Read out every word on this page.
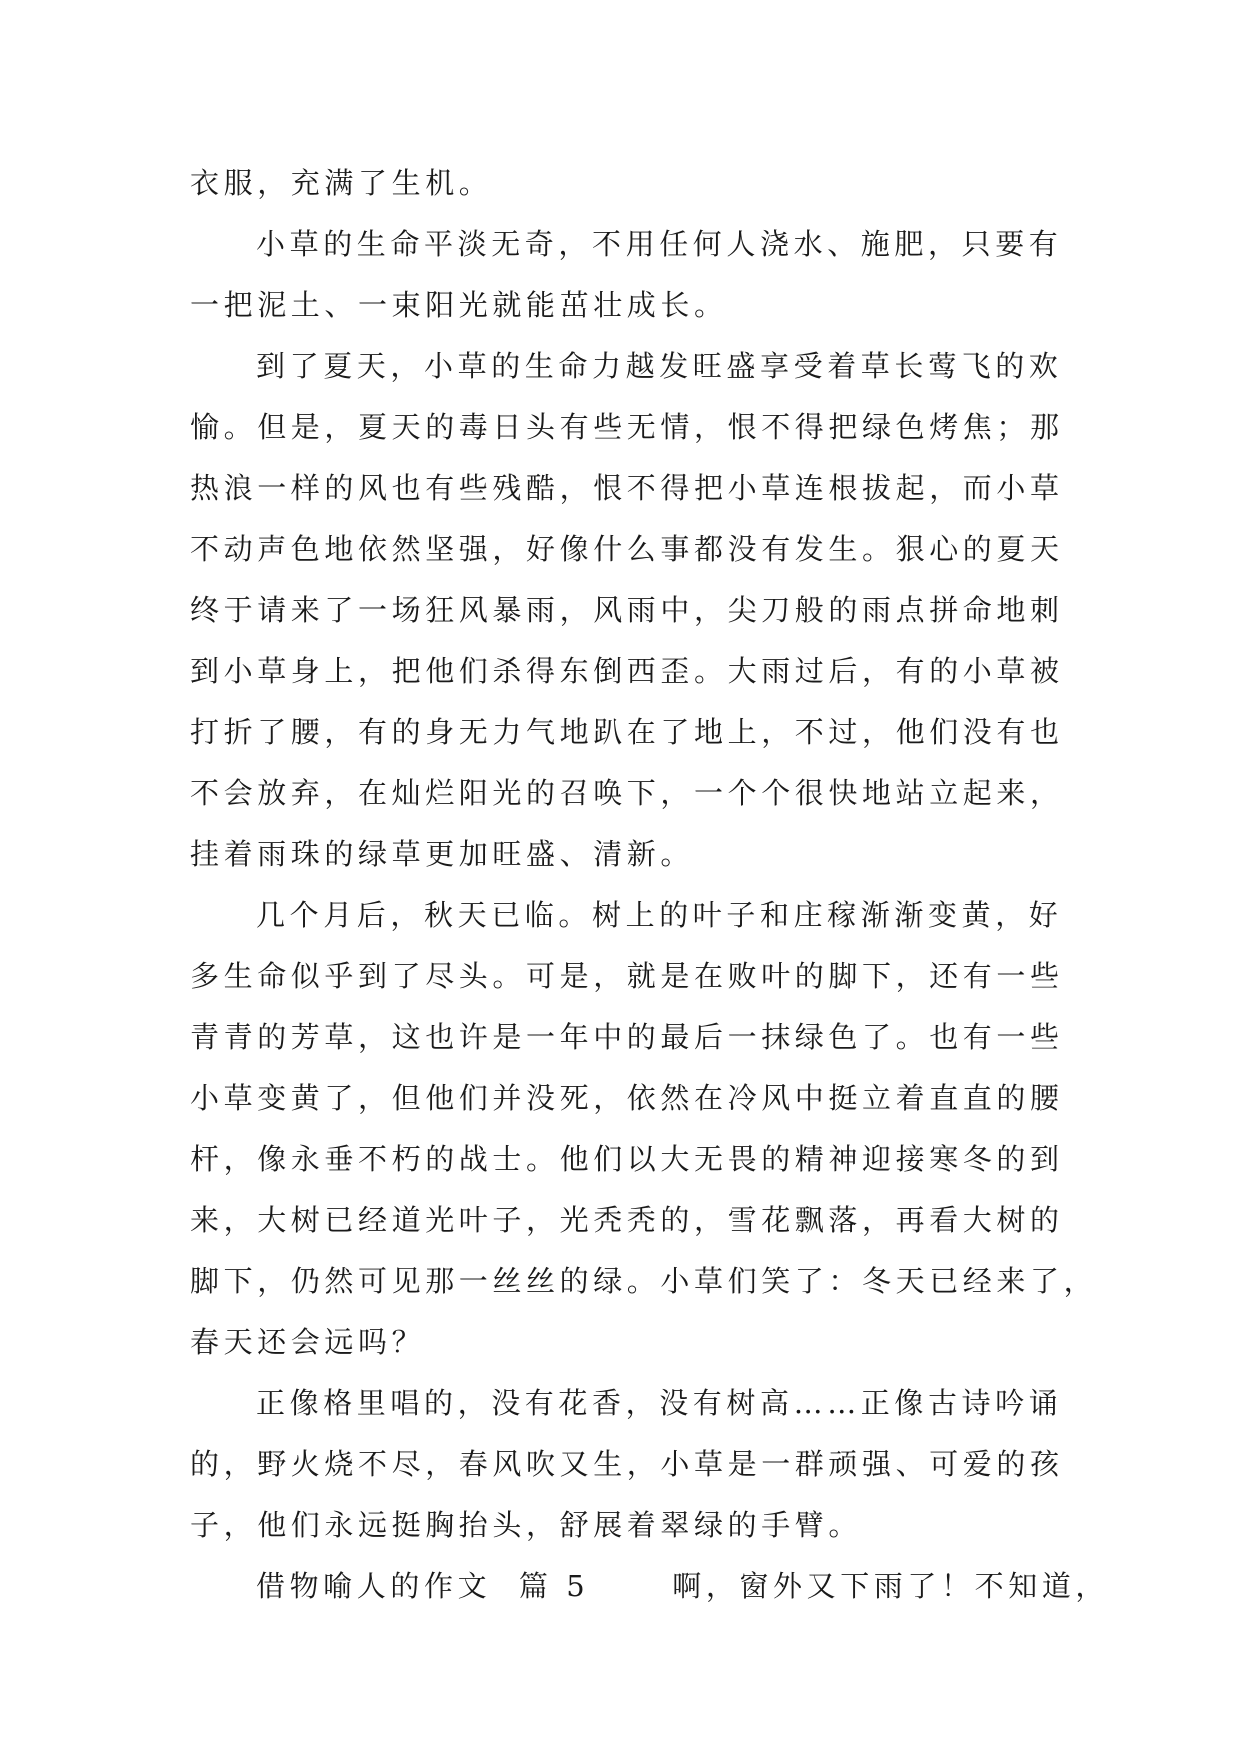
衣服，充满了生机。
小草的生命平淡无奇，不用任何人浇水、施肥，只要有
一把泥土、一束阳光就能茁壮成长。
到了夏天，小草的生命力越发旺盛享受着草长莺飞的欢
愉。但是，夏天的毒日头有些无情，恨不得把绿色烤焦；那
热浪一样的风也有些残酷，恨不得把小草连根拔起，而小草
不动声色地依然坚强，好像什么事都没有发生。狠心的夏天
终于请来了一场狂风暴雨，风雨中，尖刀般的雨点拼命地刺
到小草身上，把他们杀得东倒西歪。大雨过后，有的小草被
打折了腰，有的身无力气地趴在了地上，不过，他们没有也
不会放弃，在灿烂阳光的召唤下，一个个很快地站立起来，
挂着雨珠的绿草更加旺盛、清新。
几个月后，秋天已临。树上的叶子和庄稼渐渐变黄，好
多生命似乎到了尽头。可是，就是在败叶的脚下，还有一些
青青的芳草，这也许是一年中的最后一抹绿色了。也有一些
小草变黄了，但他们并没死，依然在冷风中挺立着直直的腰
杆，像永垂不朽的战士。他们以大无畏的精神迎接寒冬的到
来，大树已经道光叶子，光秃秃的，雪花飘落，再看大树的
脚下，仍然可见那一丝丝的绿。小草们笑了：冬天已经来了，
春天还会远吗？
正像格里唱的，没有花香，没有树高……正像古诗吟诵
的，野火烧不尽，春风吹又生，小草是一群顽强、可爱的孩
子，他们永远挺胸抬头，舒展着翠绿的手臂。
借物喻人的作文  篇 5      啊，窗外又下雨了！不知道，
